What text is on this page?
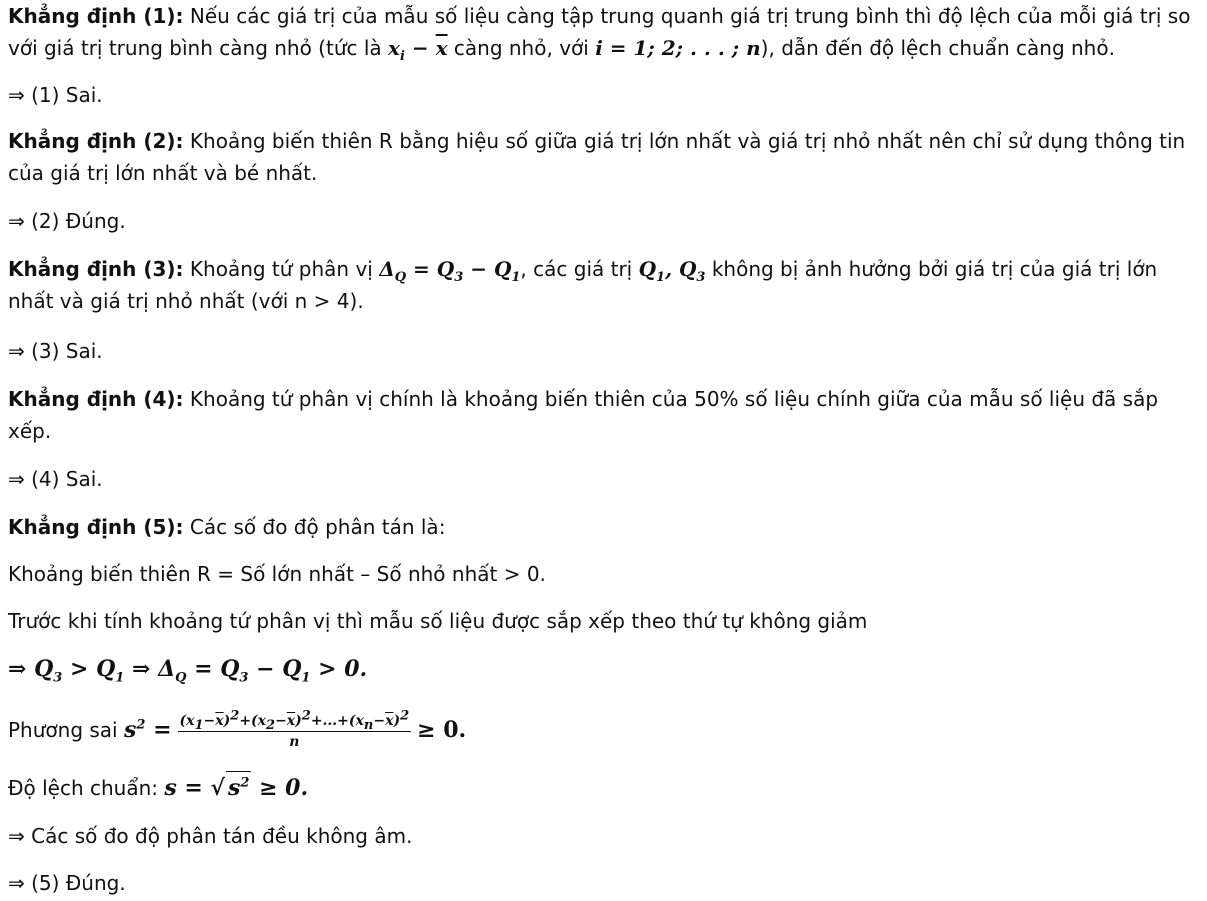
Khẳng định (1): Nếu các giá trị của mẫu số liệu càng tập trung quanh giá trị trung bình thì độ lệch của mỗi giá trị so với giá trị trung bình càng nhỏ (tức là $x_i - \overline{x}$ càng nhỏ, với i = 1; 2; . . . ; n), dẫn đến độ lệch chuẩn càng nhỏ.

⇒ (1) Sai.

Khẳng định (2): Khoảng biến thiên R bằng hiệu số giữa giá trị lớn nhất và giá trị nhỏ nhất nên chỉ sử dụng thông tin của giá trị lớn nhất và bé nhất.

⇒ (2) Đúng.

Khẳng định (3): Khoảng tứ phân vị $\Delta_Q = Q_3 - Q_1$, các giá trị $Q_1$, $Q_3$ không bị ảnh hưởng bởi giá trị của giá trị lớn nhất và giá trị nhỏ nhất (với n > 4).

⇒ (3) Sai.

Khẳng định (4): Khoảng tứ phân vị chính là khoảng biến thiên của 50% số liệu chính giữa của mẫu số liệu đã sắp xếp.

⇒ (4) Sai.

Khẳng định (5): Các số đo độ phân tán là:

Khoảng biến thiên R = Số lớn nhất – Số nhỏ nhất > 0.

Trước khi tính khoảng tứ phân vị thì mẫu số liệu được sắp xếp theo thứ tự không giảm

⇒ $Q_3 > Q_1$ ⇒ $\Delta_Q = Q_3 - Q_1 > 0$.

Phương sai $s^2 = \frac{(x_1-\overline{x})^2+(x_2-\overline{x})^2+...+(x_n-\overline{x})^2}{n} \ge 0$.

Độ lệch chuẩn: s = √ $s^2 \ge 0$.

⇒ Các số đo độ phân tán đều không âm.

⇒ (5) Đúng.
